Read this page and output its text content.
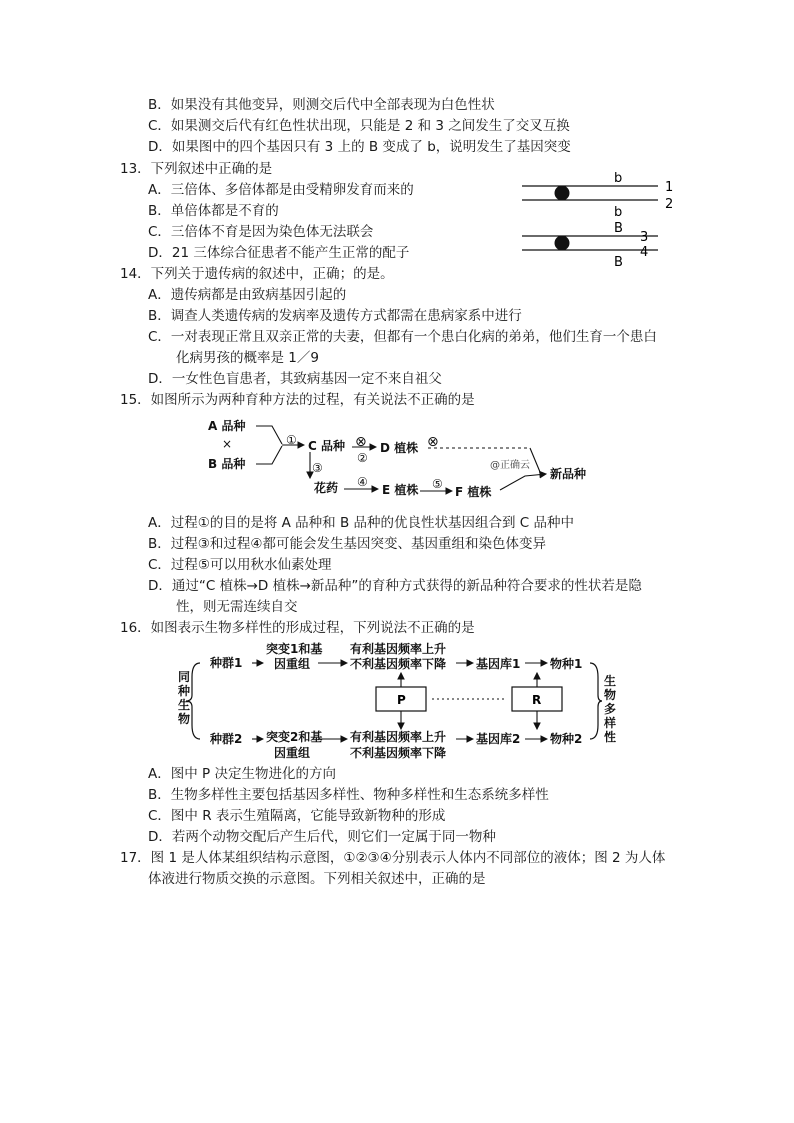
B．如果没有其他变异，则测交后代中全部表现为白色性状
C．如果测交后代有红色性状出现，只能是 2 和 3 之间发生了交叉互换
D．如果图中的四个基因只有 3 上的 B 变成了 b，说明发生了基因突变
13．下列叙述中正确的是
A．三倍体、多倍体都是由受精卵发育而来的
B．单倍体都是不育的
C．三倍体不育是因为染色体无法联会
D．21 三体综合征患者不能产生正常的配子
b
1
2
b
B
3
4
B
14．下列关于遗传病的叙述中，正确；的是。
A．遗传病都是由致病基因引起的
B．调查人类遗传病的发病率及遗传方式都需在患病家系中进行
C．一对表现正常且双亲正常的夫妻，但都有一个患白化病的弟弟，他们生育一个患白
化病男孩的概率是 1／9
D．一女性色盲患者，其致病基因一定不来自祖父
15．如图所示为两种育种方法的过程，有关说法不正确的是
A 品种
×
B 品种
C 品种	D 植株
花药	E 植株	F 植株
新品种
①
②
③
④	⑤
⊗	⊗
@正确云
A．过程①的目的是将 A 品种和 B 品种的优良性状基因组合到 C 品种中
B．过程③和过程④都可能会发生基因突变、基因重组和染色体变异
C．过程⑤可以用秋水仙素处理
D．通过“C 植株→D 植株→新品种”的育种方式获得的新品种符合要求的性状若是隐
性，则无需连续自交
16．如图表示生物多样性的形成过程，下列说法不正确的是
同
种
生
物
种群1
种群2
突变1和基
因重组
突变2和基
因重组
有利基因频率上升
不利基因频率下降
有利基因频率上升
不利基因频率下降
基因库1
基因库2
物种1
物种2
生
物
多
样
性
P	R
A．图中 P 决定生物进化的方向
B．生物多样性主要包括基因多样性、物种多样性和生态系统多样性
C．图中 R 表示生殖隔离，它能导致新物种的形成
D．若两个动物交配后产生后代，则它们一定属于同一物种
17．图 1 是人体某组织结构示意图，①②③④分别表示人体内不同部位的液体；图 2 为人体
体液进行物质交换的示意图。下列相关叙述中，正确的是
